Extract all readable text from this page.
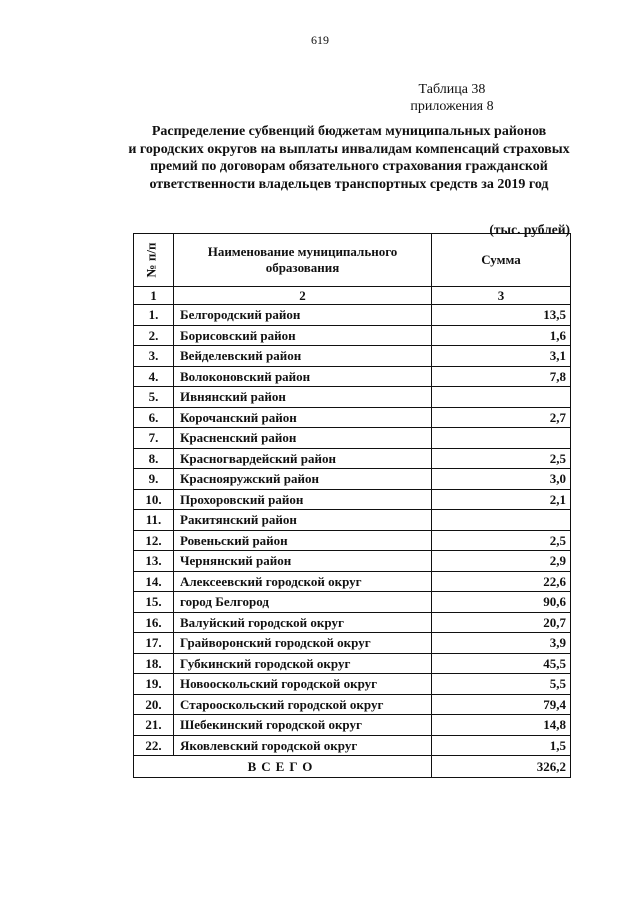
619
Таблица 38
приложения 8
Распределение субвенций бюджетам муниципальных районов
и городских округов на выплаты инвалидам компенсаций страховых
премий по договорам обязательного страхования гражданской
ответственности владельцев транспортных средств за 2019 год
(тыс. рублей)
№ п/п	Наименование муниципального образования	Сумма
1	2	3
1.	Белгородский район	13,5
2.	Борисовский район	1,6
3.	Вейделевский район	3,1
4.	Волоконовский район	7,8
5.	Ивнянский район	
6.	Корочанский район	2,7
7.	Красненский район	
8.	Красногвардейский район	2,5
9.	Краснояружский район	3,0
10.	Прохоровский район	2,1
11.	Ракитянский район	
12.	Ровеньский район	2,5
13.	Чернянский район	2,9
14.	Алексеевский городской округ	22,6
15.	город Белгород	90,6
16.	Валуйский городской округ	20,7
17.	Грайворонский городской округ	3,9
18.	Губкинский городской округ	45,5
19.	Новооскольский городской округ	5,5
20.	Старооскольский городской округ	79,4
21.	Шебекинский городской округ	14,8
22.	Яковлевский городской округ	1,5
ВСЕГО		326,2
